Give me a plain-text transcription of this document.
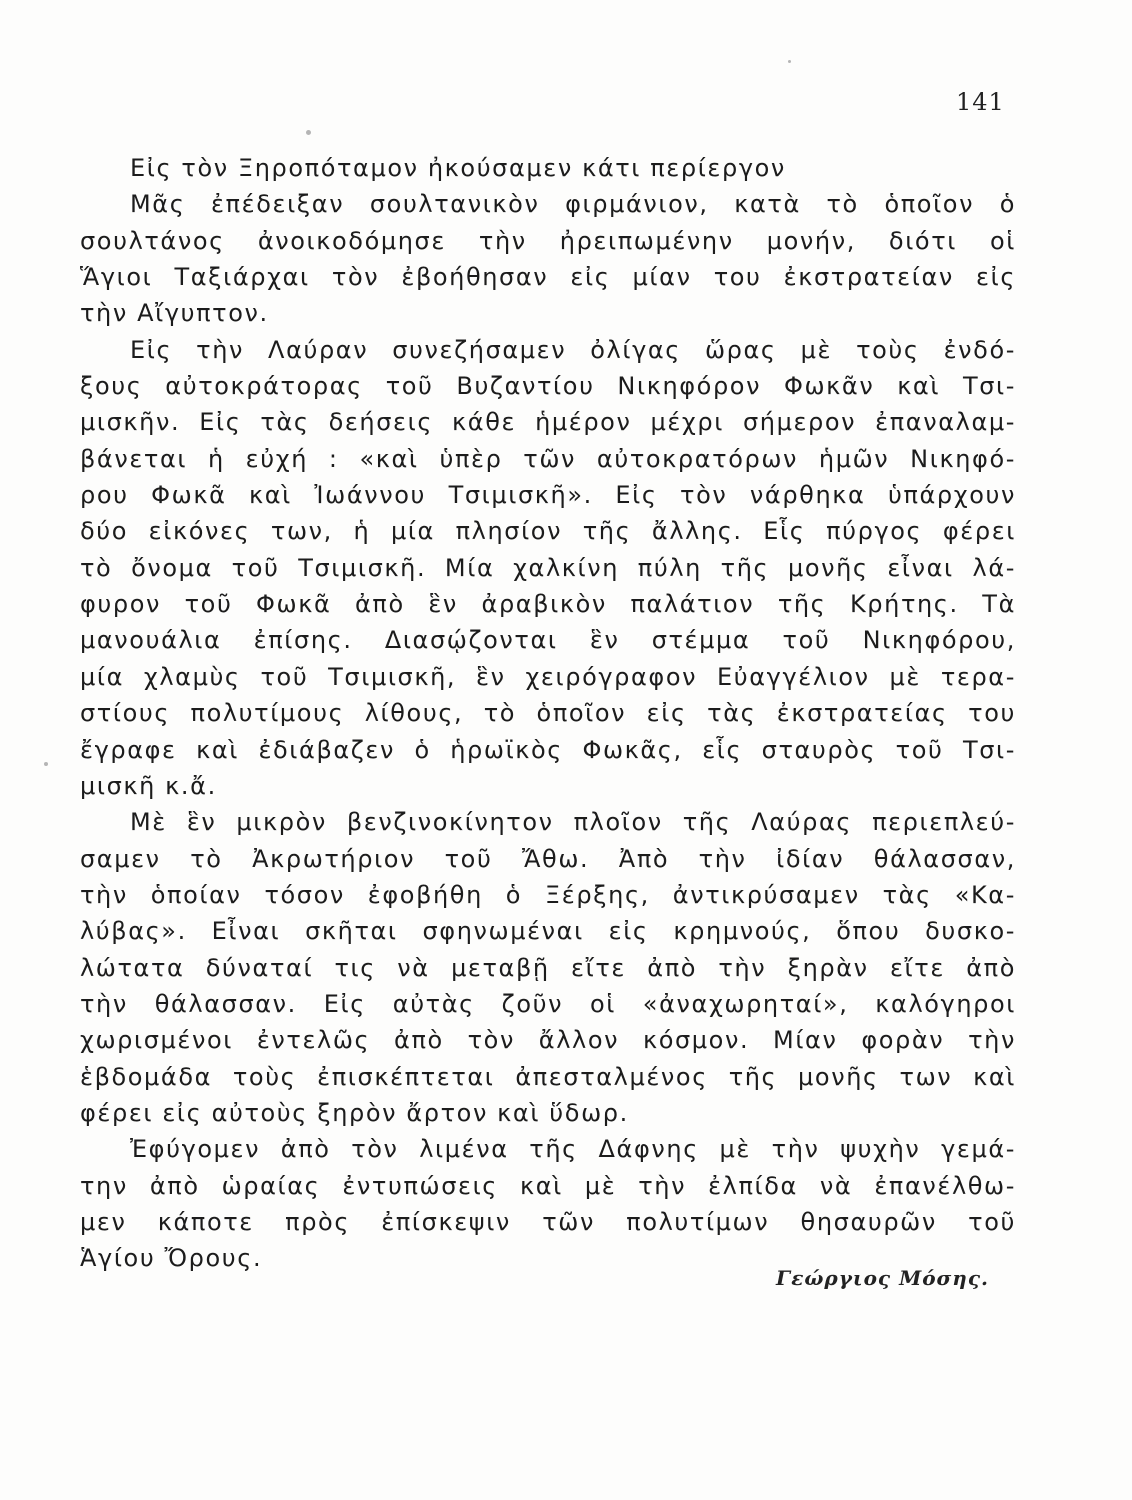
141
Εἰς τὸν Ξηροπόταμον ἠκούσαμεν κάτι περίεργον
Μᾶς ἐπέδειξαν σουλτανικὸν φιρμάνιον, κατὰ τὸ ὁποῖον ὁ
σουλτάνος ἀνοικοδόμησε τὴν ἠρειπωμένην μονήν, διότι οἱ
Ἅγιοι Ταξιάρχαι τὸν ἐβοήθησαν εἰς μίαν του ἐκστρατείαν εἰς
τὴν Αἴγυπτον.
Εἰς τὴν Λαύραν συνεζήσαμεν ὀλίγας ὥρας μὲ τοὺς ἐνδό-
ξους αὐτοκράτορας τοῦ Βυζαντίου Νικηφόρον Φωκᾶν καὶ Τσι-
μισκῆν. Εἰς τὰς δεήσεις κάθε ἡμέρον μέχρι σήμερον ἐπαναλαμ-
βάνεται ἡ εὐχή : «καὶ ὑπὲρ τῶν αὐτοκρατόρων ἡμῶν Νικηφό-
ρου Φωκᾶ καὶ Ἰωάννου Τσιμισκῆ». Εἰς τὸν νάρθηκα ὑπάρχουν
δύο εἰκόνες των, ἡ μία πλησίον τῆς ἄλλης. Εἷς πύργος φέρει
τὸ ὄνομα τοῦ Τσιμισκῆ. Μία χαλκίνη πύλη τῆς μονῆς εἶναι λά-
φυρον τοῦ Φωκᾶ ἀπὸ ἓν ἀραβικὸν παλάτιον τῆς Κρήτης. Τὰ
μανουάλια ἐπίσης. Διασῴζονται ἓν στέμμα τοῦ Νικηφόρου,
μία χλαμὺς τοῦ Τσιμισκῆ, ἓν χειρόγραφον Εὐαγγέλιον μὲ τερα-
στίους πολυτίμους λίθους, τὸ ὁποῖον εἰς τὰς ἐκστρατείας του
ἔγραφε καὶ ἐδιάβαζεν ὁ ἡρωϊκὸς Φωκᾶς, εἷς σταυρὸς τοῦ Τσι-
μισκῆ κ.ἄ.
Μὲ ἓν μικρὸν βενζινοκίνητον πλοῖον τῆς Λαύρας περιεπλεύ-
σαμεν τὸ Ἀκρωτήριον τοῦ Ἄθω. Ἀπὸ τὴν ἰδίαν θάλασσαν,
τὴν ὁποίαν τόσον ἐφοβήθη ὁ Ξέρξης, ἀντικρύσαμεν τὰς «Κα-
λύβας». Εἶναι σκῆται σφηνωμέναι εἰς κρημνούς, ὅπου δυσκο-
λώτατα δύναταί τις νὰ μεταβῇ εἴτε ἀπὸ τὴν ξηρὰν εἴτε ἀπὸ
τὴν θάλασσαν. Εἰς αὐτὰς ζοῦν οἱ «ἀναχωρηταί», καλόγηροι
χωρισμένοι ἐντελῶς ἀπὸ τὸν ἄλλον κόσμον. Μίαν φορὰν τὴν
ἑβδομάδα τοὺς ἐπισκέπτεται ἀπεσταλμένος τῆς μονῆς των καὶ
φέρει εἰς αὐτοὺς ξηρὸν ἄρτον καὶ ὕδωρ.
Ἐφύγομεν ἀπὸ τὸν λιμένα τῆς Δάφνης μὲ τὴν ψυχὴν γεμά-
την ἀπὸ ὡραίας ἐντυπώσεις καὶ μὲ τὴν ἐλπίδα νὰ ἐπανέλθω-
μεν κάποτε πρὸς ἐπίσκεψιν τῶν πολυτίμων θησαυρῶν τοῦ
Ἁγίου Ὄρους.
Γεώργιος Μόσης.
